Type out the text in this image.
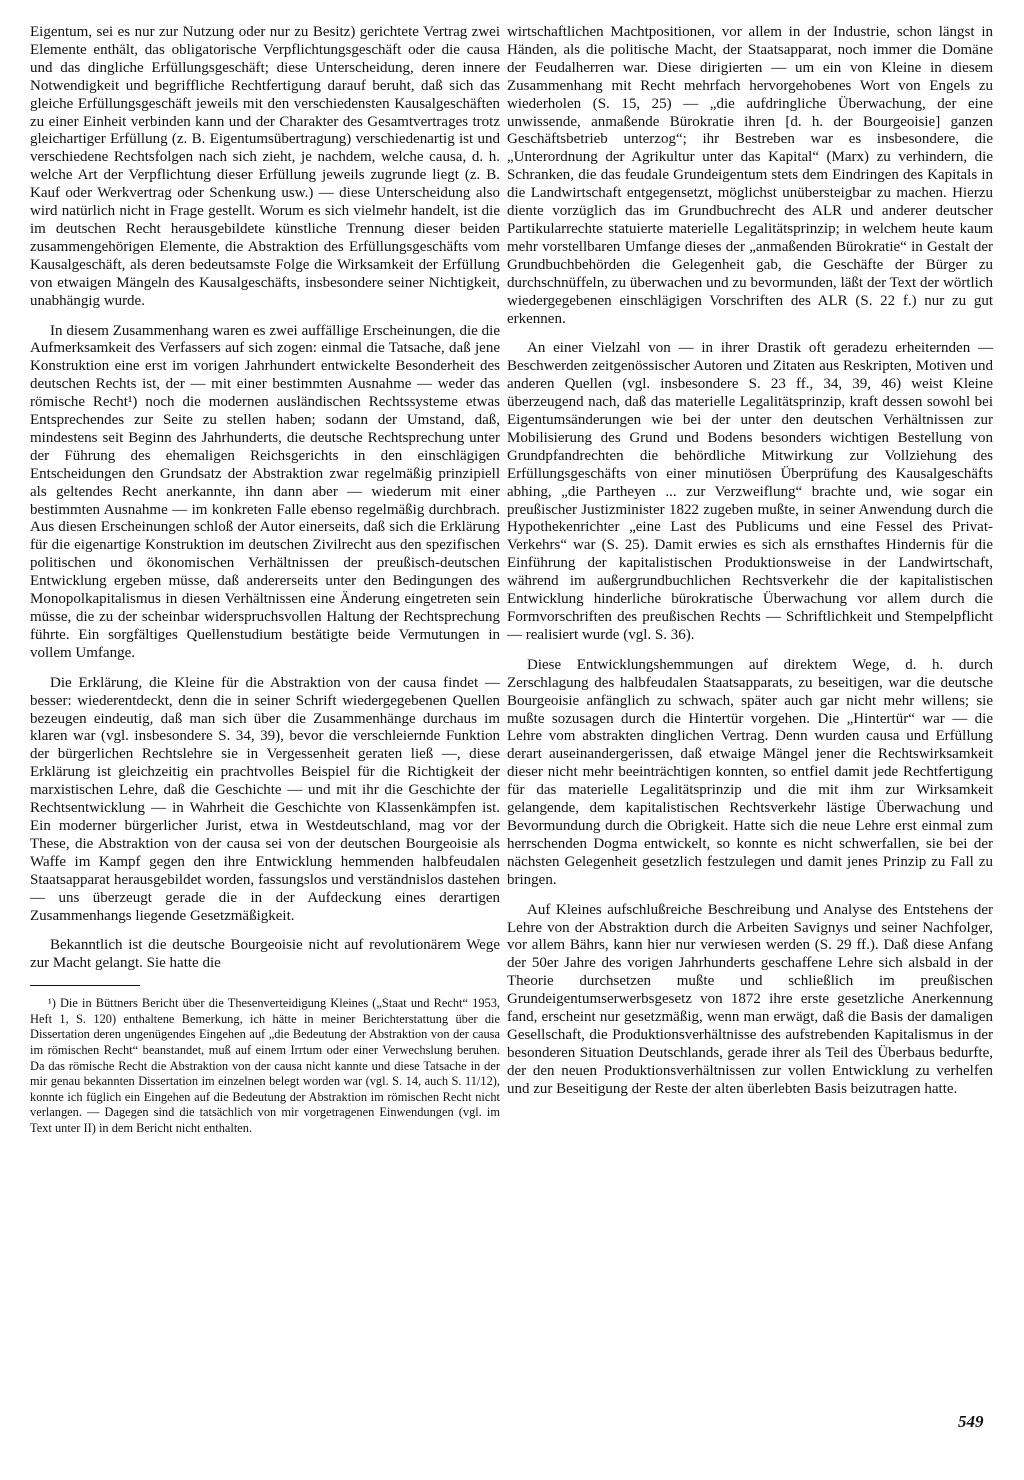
Eigentum, sei es nur zur Nutzung oder nur zu Besitz) gerichtete Vertrag zwei Elemente enthält, das obligatorische Verpflichtungsgeschäft oder die causa und das dingliche Erfüllungsgeschäft; diese Unterscheidung, deren innere Notwendigkeit und begriffliche Rechtfertigung darauf beruht, daß sich das gleiche Erfüllungsgeschäft jeweils mit den verschiedensten Kausalgeschäften zu einer Einheit verbinden kann und der Charakter des Gesamtvertrages trotz gleichartiger Erfüllung (z. B. Eigentumsübertragung) verschiedenartig ist und verschiedene Rechtsfolgen nach sich zieht, je nachdem, welche causa, d. h. welche Art der Verpflichtung dieser Erfüllung jeweils zugrunde liegt (z. B. Kauf oder Werkvertrag oder Schenkung usw.) — diese Unterscheidung also wird natürlich nicht in Frage gestellt. Worum es sich vielmehr handelt, ist die im deutschen Recht herausgebildete künstliche Trennung dieser beiden zusammengehörigen Elemente, die Abstraktion des Erfüllungsgeschäfts vom Kausalgeschäft, als deren bedeutsamste Folge die Wirksamkeit der Erfüllung von etwaigen Mängeln des Kausalgeschäfts, insbesondere seiner Nichtigkeit, unabhängig wurde.

In diesem Zusammenhang waren es zwei auffällige Erscheinungen, die die Aufmerksamkeit des Verfassers auf sich zogen: einmal die Tatsache, daß jene Konstruktion eine erst im vorigen Jahrhundert entwickelte Besonderheit des deutschen Rechts ist, der — mit einer bestimmten Ausnahme — weder das römische Recht¹) noch die modernen ausländischen Rechtssysteme etwas Entsprechendes zur Seite zu stellen haben; sodann der Umstand, daß, mindestens seit Beginn des Jahrhunderts, die deutsche Rechtsprechung unter der Führung des ehemaligen Reichsgerichts in den einschlägigen Entscheidungen den Grundsatz der Abstraktion zwar regelmäßig prinzipiell als geltendes Recht anerkannte, ihn dann aber — wiederum mit einer bestimmten Ausnahme — im konkreten Falle ebenso regelmäßig durchbrach. Aus diesen Erscheinungen schloß der Autor einerseits, daß sich die Erklärung für die eigenartige Konstruktion im deutschen Zivilrecht aus den spezifischen politischen und ökonomischen Verhältnissen der preußisch-deutschen Entwicklung ergeben müsse, daß andererseits unter den Bedingungen des Monopolkapitalismus in diesen Verhältnissen eine Änderung eingetreten sein müsse, die zu der scheinbar widerspruchsvollen Haltung der Rechtsprechung führte. Ein sorgfältiges Quellenstudium bestätigte beide Vermutungen in vollem Umfange.

Die Erklärung, die Kleine für die Abstraktion von der causa findet — besser: wiederentdeckt, denn die in seiner Schrift wiedergegebenen Quellen bezeugen eindeutig, daß man sich über die Zusammenhänge durchaus im klaren war (vgl. insbesondere S. 34, 39), bevor die verschleiernde Funktion der bürgerlichen Rechtslehre sie in Vergessenheit geraten ließ —, diese Erklärung ist gleichzeitig ein prachtvolles Beispiel für die Richtigkeit der marxistischen Lehre, daß die Geschichte — und mit ihr die Geschichte der Rechtsentwicklung — in Wahrheit die Geschichte von Klassenkämpfen ist. Ein moderner bürgerlicher Jurist, etwa in Westdeutschland, mag vor der These, die Abstraktion von der causa sei von der deutschen Bourgeoisie als Waffe im Kampf gegen den ihre Entwicklung hemmenden halbfeudalen Staatsapparat herausgebildet worden, fassungslos und verständnislos dastehen — uns überzeugt gerade die in der Aufdeckung eines derartigen Zusammenhangs liegende Gesetzmäßigkeit.

Bekanntlich ist die deutsche Bourgeoisie nicht auf revolutionärem Wege zur Macht gelangt. Sie hatte die

¹) Die in Büttners Bericht über die Thesenverteidigung Kleines („Staat und Recht“ 1953, Heft 1, S. 120) enthaltene Bemerkung, ich hätte in meiner Berichterstattung über die Dissertation deren ungenügendes Eingehen auf „die Bedeutung der Abstraktion von der causa im römischen Recht“ beanstandet, muß auf einem Irrtum oder einer Verwechslung beruhen. Da das römische Recht die Abstraktion von der causa nicht kannte und diese Tatsache in der mir genau bekannten Dissertation im einzelnen belegt worden war (vgl. S. 14, auch S. 11/12), konnte ich füglich ein Eingehen auf die Bedeutung der Abstraktion im römischen Recht nicht verlangen. — Dagegen sind die tatsächlich von mir vorgetragenen Einwendungen (vgl. im Text unter II) in dem Bericht nicht enthalten.

wirtschaftlichen Machtpositionen, vor allem in der Industrie, schon längst in Händen, als die politische Macht, der Staatsapparat, noch immer die Domäne der Feudalherren war. Diese dirigierten — um ein von Kleine in diesem Zusammenhang mit Recht mehrfach hervorgehobenes Wort von Engels zu wiederholen (S. 15, 25) — „die aufdringliche Überwachung, der eine unwissende, anmaßende Bürokratie ihren [d. h. der Bourgeoisie] ganzen Geschäftsbetrieb unterzog“; ihr Bestreben war es insbesondere, die „Unterordnung der Agrikultur unter das Kapital“ (Marx) zu verhindern, die Schranken, die das feudale Grundeigentum stets dem Eindringen des Kapitals in die Landwirtschaft entgegensetzt, möglichst unübersteigbar zu machen. Hierzu diente vorzüglich das im Grundbuchrecht des ALR und anderer deutscher Partikularrechte statuierte materielle Legalitätsprinzip; in welchem heute kaum mehr vorstellbaren Umfange dieses der „anmaßenden Bürokratie“ in Gestalt der Grundbuchbehörden die Gelegenheit gab, die Geschäfte der Bürger zu durchschnüffeln, zu überwachen und zu bevormunden, läßt der Text der wörtlich wiedergegebenen einschlägigen Vorschriften des ALR (S. 22 f.) nur zu gut erkennen.

An einer Vielzahl von — in ihrer Drastik oft geradezu erheiternden — Beschwerden zeitgenössischer Autoren und Zitaten aus Reskripten, Motiven und anderen Quellen (vgl. insbesondere S. 23 ff., 34, 39, 46) weist Kleine überzeugend nach, daß das materielle Legalitätsprinzip, kraft dessen sowohl bei Eigentumsänderungen wie bei der unter den deutschen Verhältnissen zur Mobilisierung des Grund und Bodens besonders wichtigen Bestellung von Grundpfandrechten die behördliche Mitwirkung zur Vollziehung des Erfüllungsgeschäfts von einer minutiösen Überprüfung des Kausalgeschäfts abhing, „die Partheyen ... zur Verzweiflung“ brachte und, wie sogar ein preußischer Justizminister 1822 zugeben mußte, in seiner Anwendung durch die Hypothekenrichter „eine Last des Publicums und eine Fessel des Privat-Verkehrs“ war (S. 25). Damit erwies es sich als ernsthaftes Hindernis für die Einführung der kapitalistischen Produktionsweise in der Landwirtschaft, während im außergrundbuchlichen Rechtsverkehr die der kapitalistischen Entwicklung hinderliche bürokratische Überwachung vor allem durch die Formvorschriften des preußischen Rechts — Schriftlichkeit und Stempelpflicht — realisiert wurde (vgl. S. 36).

Diese Entwicklungshemmungen auf direktem Wege, d. h. durch Zerschlagung des halbfeudalen Staatsapparats, zu beseitigen, war die deutsche Bourgeoisie anfänglich zu schwach, später auch gar nicht mehr willens; sie mußte sozusagen durch die Hintertür vorgehen. Die „Hintertür“ war — die Lehre vom abstrakten dinglichen Vertrag. Denn wurden causa und Erfüllung derart auseinandergerissen, daß etwaige Mängel jener die Rechtswirksamkeit dieser nicht mehr beeinträchtigen konnten, so entfiel damit jede Rechtfertigung für das materielle Legalitätsprinzip und die mit ihm zur Wirksamkeit gelangende, dem kapitalistischen Rechtsverkehr lästige Überwachung und Bevormundung durch die Obrigkeit. Hatte sich die neue Lehre erst einmal zum herrschenden Dogma entwickelt, so konnte es nicht schwerfallen, sie bei der nächsten Gelegenheit gesetzlich festzulegen und damit jenes Prinzip zu Fall zu bringen.

Auf Kleines aufschlußreiche Beschreibung und Analyse des Entstehens der Lehre von der Abstraktion durch die Arbeiten Savignys und seiner Nachfolger, vor allem Bährs, kann hier nur verwiesen werden (S. 29 ff.). Daß diese Anfang der 50er Jahre des vorigen Jahrhunderts geschaffene Lehre sich alsbald in der Theorie durchsetzen mußte und schließlich im preußischen Grundeigentumserwerbsgesetz von 1872 ihre erste gesetzliche Anerkennung fand, erscheint nur gesetzmäßig, wenn man erwägt, daß die Basis der damaligen Gesellschaft, die Produktionsverhältnisse des aufstrebenden Kapitalismus in der besonderen Situation Deutschlands, gerade ihrer als Teil des Überbaus bedurfte, der den neuen Produktionsverhältnissen zur vollen Entwicklung zu verhelfen und zur Beseitigung der Reste der alten überlebten Basis beizutragen hatte.

549
